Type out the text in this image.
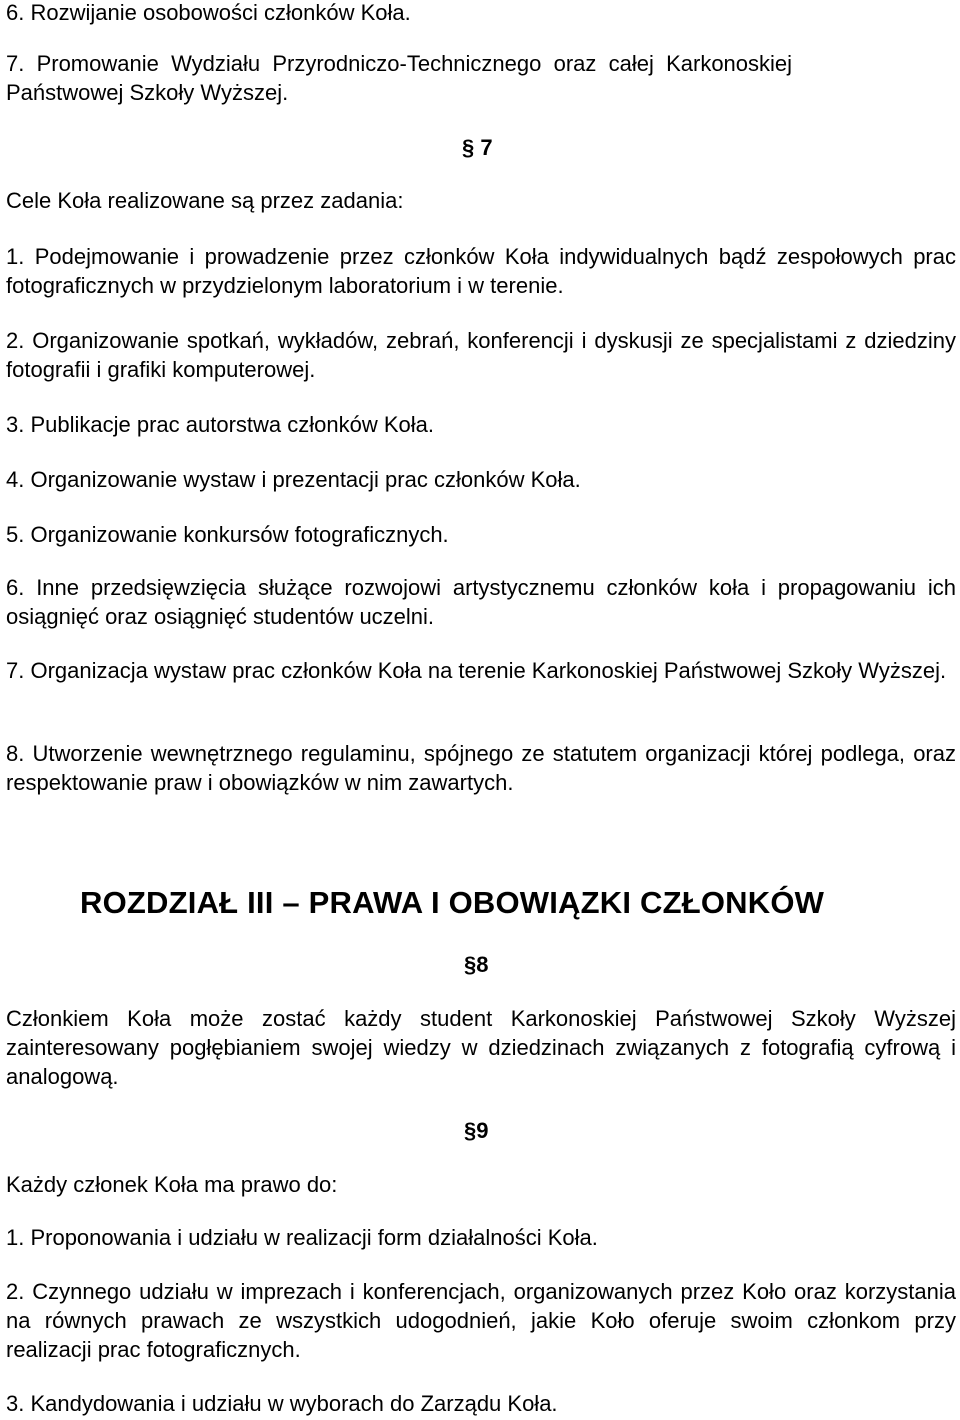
6. Rozwijanie osobowości członków Koła.

7.  Promowanie  Wydziału  Przyrodniczo-Technicznego  oraz  całej  Karkonoskiej

Państwowej Szkoły Wyższej.

§ 7

Cele Koła realizowane są przez zadania:

1. Podejmowanie i prowadzenie przez członków Koła indywidualnych bądź zespołowych prac fotograficznych w przydzielonym laboratorium i w terenie.

2. Organizowanie spotkań, wykładów, zebrań, konferencji i dyskusji ze specjalistami z dziedziny fotografii i grafiki komputerowej.

3. Publikacje prac autorstwa członków Koła.

4. Organizowanie wystaw i prezentacji prac członków Koła.

5. Organizowanie konkursów fotograficznych.

6. Inne przedsięwzięcia służące rozwojowi artystycznemu członków koła i propagowaniu ich osiągnięć oraz osiągnięć studentów uczelni.

7. Organizacja wystaw prac członków Koła na terenie Karkonoskiej Państwowej Szkoły Wyższej.

8. Utworzenie wewnętrznego regulaminu, spójnego ze statutem organizacji której podlega, oraz respektowanie praw i obowiązków w nim zawartych.

ROZDZIAŁ III – PRAWA I OBOWIĄZKI CZŁONKÓW
§8

Członkiem Koła może zostać każdy student Karkonoskiej Państwowej Szkoły Wyższej zainteresowany pogłębianiem swojej wiedzy w dziedzinach związanych z fotografią cyfrową i analogową.

§9

Każdy członek Koła ma prawo do:

1. Proponowania i udziału w realizacji form działalności Koła.

2. Czynnego udziału w imprezach i konferencjach, organizowanych przez Koło oraz korzystania na równych prawach ze wszystkich udogodnień, jakie Koło oferuje swoim członkom przy realizacji prac fotograficznych.

3. Kandydowania i udziału w wyborach do Zarządu Koła.
